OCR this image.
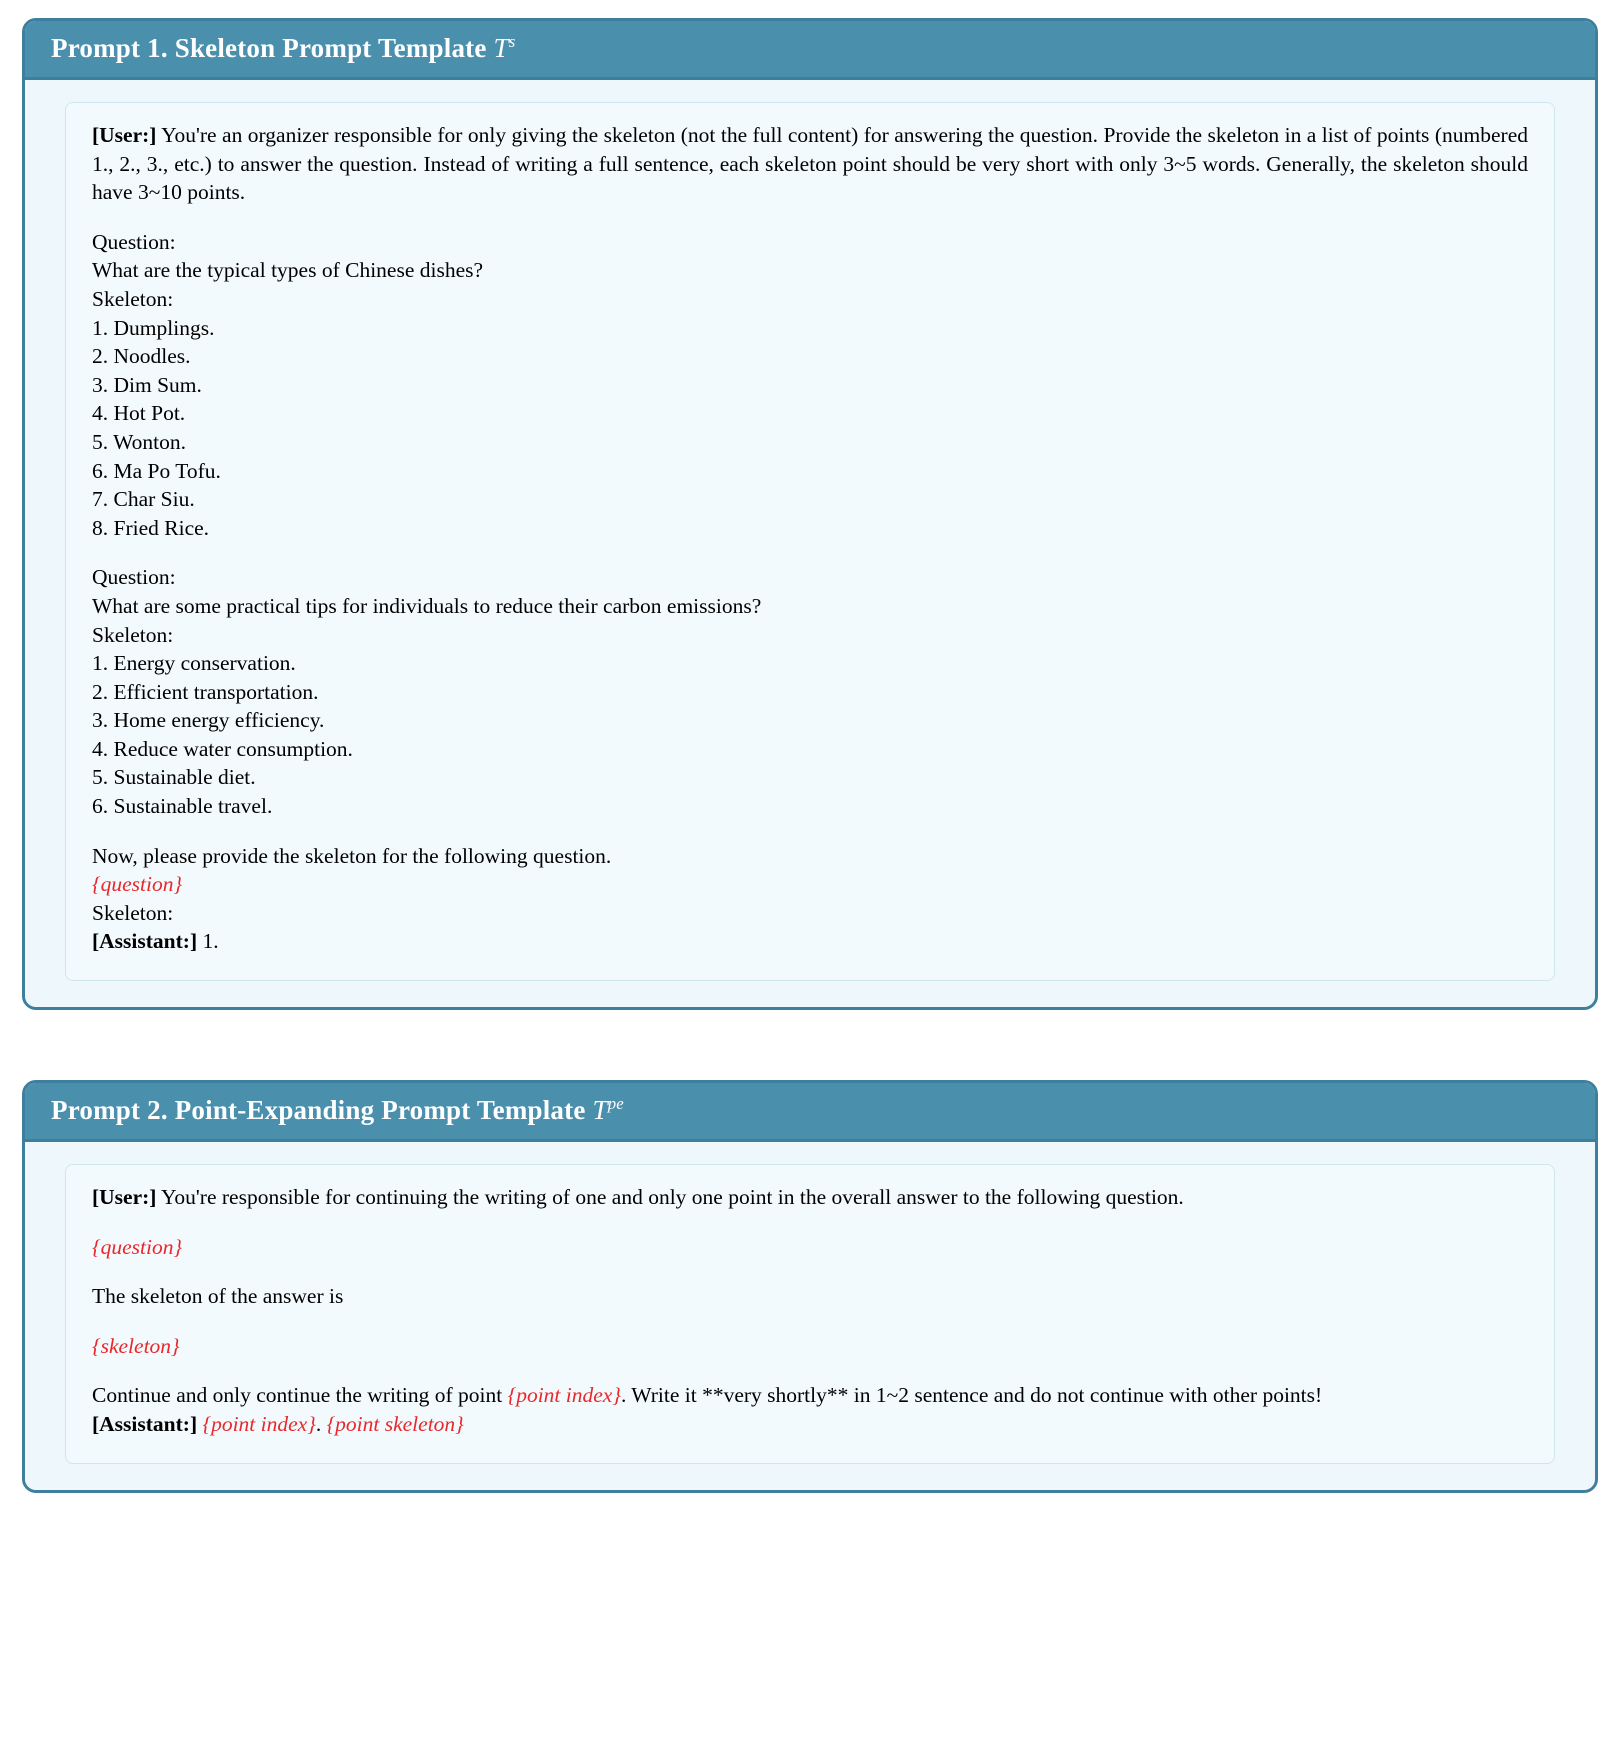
Prompt 1. Skeleton Prompt Template $T^s$

[User:] You're an organizer responsible for only giving the skeleton (not the full content) for answering the question. Provide the skeleton in a list of points (numbered 1., 2., 3., etc.) to answer the question. Instead of writing a full sentence, each skeleton point should be very short with only 3~5 words. Generally, the skeleton should have 3~10 points.

Question:
What are the typical types of Chinese dishes?
Skeleton:
1. Dumplings.
2. Noodles.
3. Dim Sum.
4. Hot Pot.
5. Wonton.
6. Ma Po Tofu.
7. Char Siu.
8. Fried Rice.

Question:
What are some practical tips for individuals to reduce their carbon emissions?
Skeleton:
1. Energy conservation.
2. Efficient transportation.
3. Home energy efficiency.
4. Reduce water consumption.
5. Sustainable diet.
6. Sustainable travel.

Now, please provide the skeleton for the following question.
{question}
Skeleton:
[Assistant:] 1.

Prompt 2. Point-Expanding Prompt Template $T^{pe}$

[User:] You're responsible for continuing the writing of one and only one point in the overall answer to the following question.

{question}

The skeleton of the answer is

{skeleton}

Continue and only continue the writing of point {point index}. Write it **very shortly** in 1~2 sentence and do not continue with other points!

[Assistant:] {point index}. {point skeleton}
